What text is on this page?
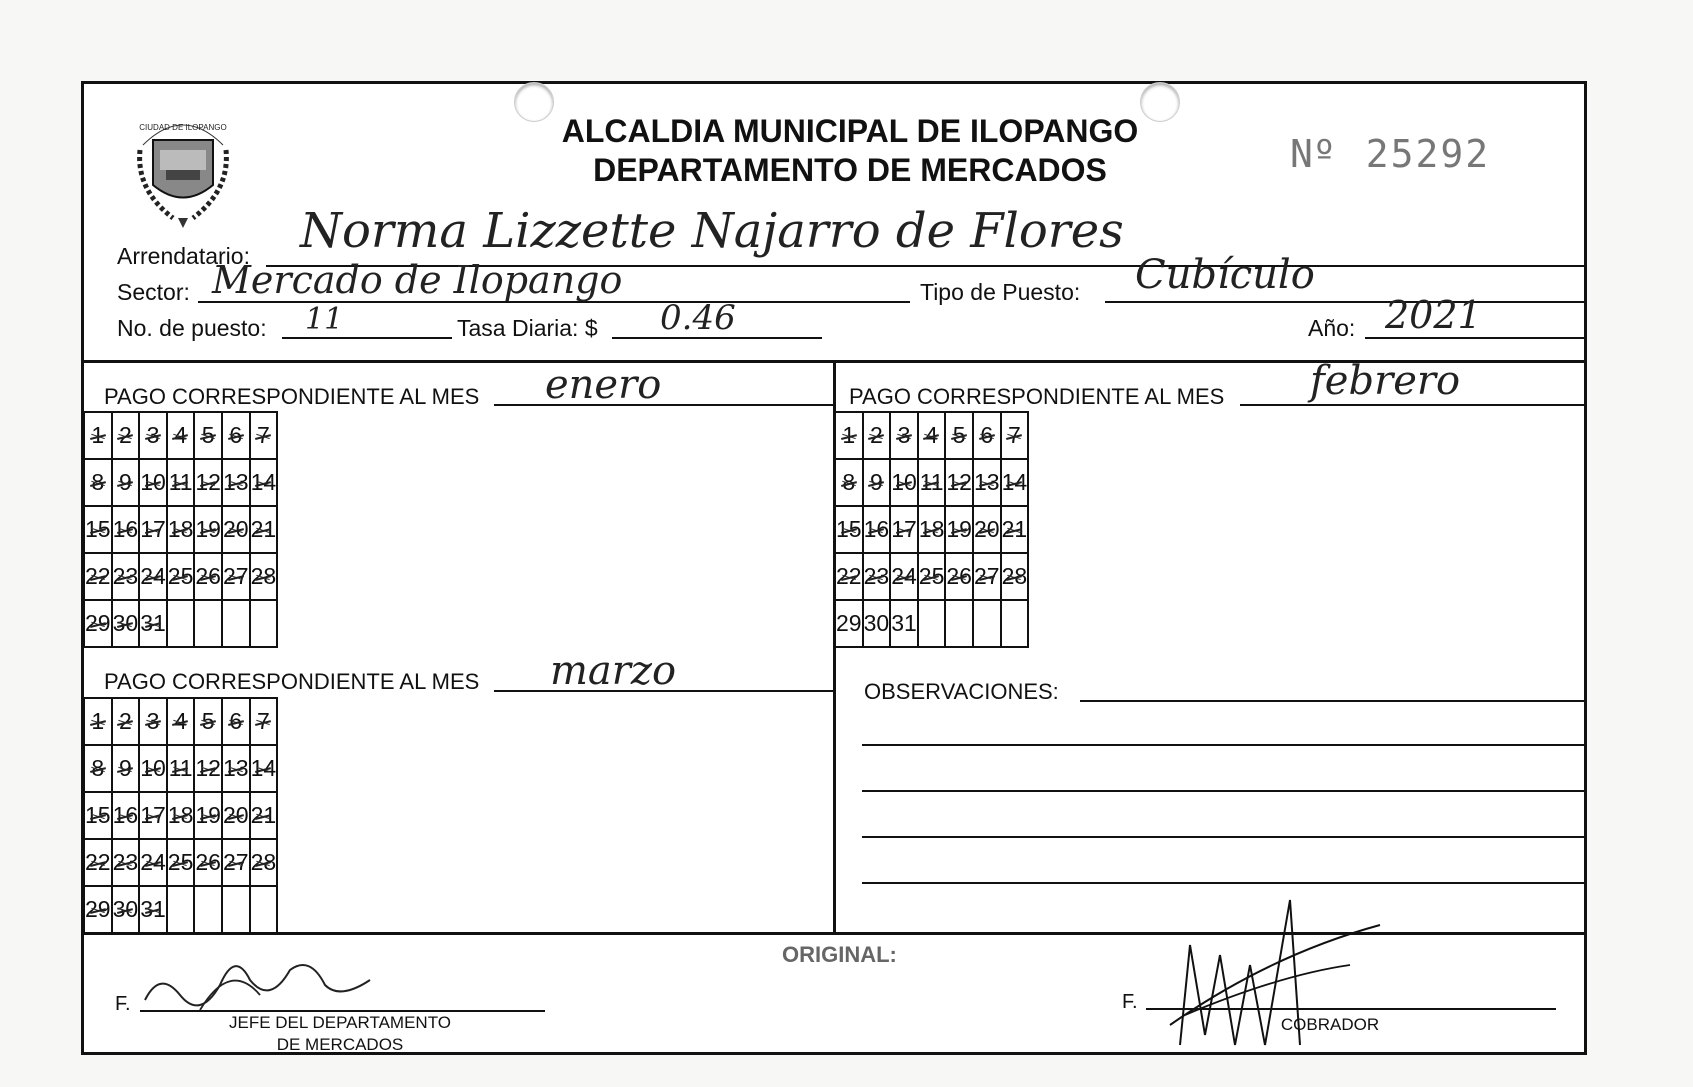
CIUDAD DE ILOPANGO	ALCALDIA MUNICIPAL DE ILOPANGO
DEPARTAMENTO DE MERCADOS	Nº 25292
Arrendatario: Norma Lizzette Najarro de Flores
Sector: Mercado de Ilopango	Tipo de Puesto: Cubículo
No. de puesto: 11	Tasa Diaria: $ 0.46	Año: 2021
PAGO CORRESPONDIENTE AL MES enero
1	2	3	4	5	6	7
8	9	10	11	12	13	14
15	16	17	18	19	20	21
22	23	24	25	26	27	28
29	30	31				
PAGO CORRESPONDIENTE AL MES febrero
1	2	3	4	5	6	7
8	9	10	11	12	13	14
15	16	17	18	19	20	21
22	23	24	25	26	27	28
29	30	31				
PAGO CORRESPONDIENTE AL MES marzo
1	2	3	4	5	6	7
8	9	10	11	12	13	14
15	16	17	18	19	20	21
22	23	24	25	26	27	28
29	30	31				
OBSERVACIONES:
F.
JEFE DEL DEPARTAMENTO
DE MERCADOS
ORIGINAL:
F.
COBRADOR
